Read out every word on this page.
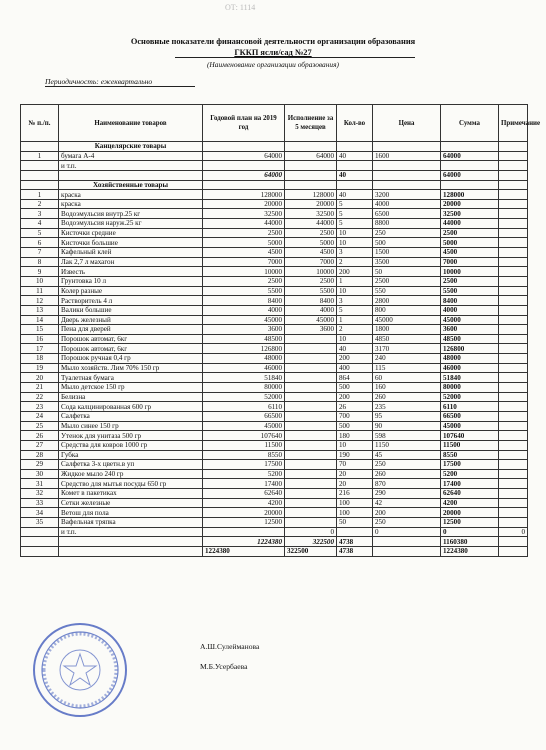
ОТ: 1114
Основные показатели финансовой деятельности организации образования
ГККП ясли/сад №27
(Наименование организации образования)
Периодичность: ежеквартально
№ п./п.	Наименование товаров	Годовой план на 2019 год	Исполнение за 5 месяцев	Кол-во	Цена	Сумма	Примечание
	Канцелярские товары						
1	бумага А-4	64000	64000	40	1600	64000	
	и т.п.						
		64000		40		64000	
	Хозяйственные товары						
1	краска	128000	128000	40	3200	128000	
2	краска	20000	20000	5	4000	20000	
3	Водоэмульсия внутр.25 кг	32500	32500	5	6500	32500	
4	Водоэмульсия наруж.25 кг	44000	44000	5	8800	44000	
5	Кисточки средние	2500	2500	10	250	2500	
6	Кисточки большие	5000	5000	10	500	5000	
7	Кафельный клей	4500	4500	3	1500	4500	
8	Лак 2,7 л махагон	7000	7000	2	3500	7000	
9	Известь	10000	10000	200	50	10000	
10	Грунтовка 10 л	2500	2500	1	2500	2500	
11	Колер разные	5500	5500	10	550	5500	
12	Растворитель 4 л	8400	8400	3	2800	8400	
13	Валики большие	4000	4000	5	800	4000	
14	Дверь железный	45000	45000	1	45000	45000	
15	Пена для дверей	3600	3600	2	1800	3600	
16	Порошок автомат, 6кг	48500		10	4850	48500	
17	Порошок автомат, 6кг	126800		40	3170	126800	
18	Порошок ручная 0,4 гр	48000		200	240	48000	
19	Мыло хозяйств. Лим 70% 150 гр	46000		400	115	46000	
20	Туалетная бумага	51840		864	60	51840	
21	Мыло детское 150 гр	80000		500	160	80000	
22	Белизна	52000		200	260	52000	
23	Сода калцинированная 600 гр	6110		26	235	6110	
24	Салфетка	66500		700	95	66500	
25	Мыло синее 150 гр	45000		500	90	45000	
26	Утенок для унитаза 500 гр	107640		180	598	107640	
27	Средства для ковров 1000 гр	11500		10	1150	11500	
28	Губка	8550		190	45	8550	
29	Салфетка 3-х цветн.в уп	17500		70	250	17500	
30	Жидкое мыло 240 гр	5200		20	260	5200	
31	Средство для мытья посуды 650 гр	17400		20	870	17400	
32	Комет в пакетиках	62640		216	290	62640	
33	Сетки железные	4200		100	42	4200	
34	Ветош для пола	20000		100	200	20000	
35	Вафельная тряпка	12500		50	250	12500	
	и т.п.		0		0	0	0
		1224380	322500	4738		1160380	
		1224380	322500	4738		1224380	
А.Ш.Сулейманова
М.Б.Усербаева
